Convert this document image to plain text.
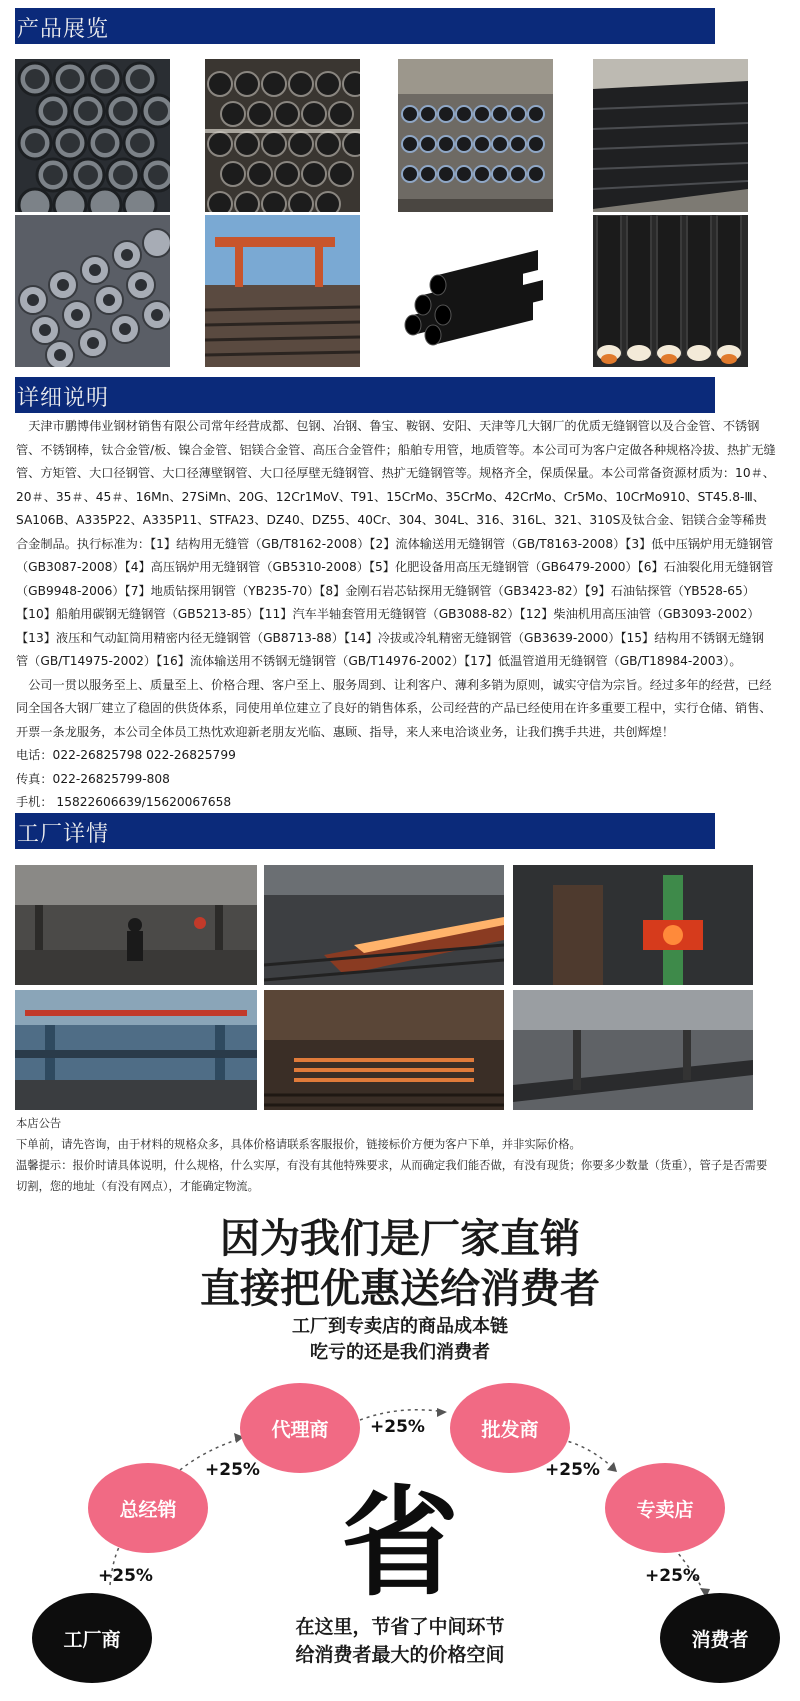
产品展览
详细说明

天津市鹏博伟业钢材销售有限公司常年经营成都、包钢、冶钢、鲁宝、鞍钢、安阳、天津等几大钢厂的优质无缝钢管以及合金管、不锈钢管、不锈钢棒，钛合金管/板、镍合金管、铝镁合金管、高压合金管件；船舶专用管，地质管等。本公司可为客户定做各种规格冷拔、热扩无缝管、方矩管、大口径钢管、大口径薄壁钢管、大口径厚壁无缝钢管、热扩无缝钢管等。规格齐全，保质保量。本公司常备资源材质为：10＃、20＃、35＃、45＃、16Mn、27SiMn、20G、12Cr1MoV、T91、15CrMo、35CrMo、42CrMo、Cr5Mo、10CrMo910、ST45.8-Ⅲ、SA106B、A335P22、A335P11、STFA23、DZ40、DZ55、40Cr、304、304L、316、316L、321、310S及钛合金、铝镁合金等稀贵合金制品。执行标准为：【1】结构用无缝管（GB/T8162-2008）【2】流体输送用无缝钢管（GB/T8163-2008）【3】低中压锅炉用无缝钢管（GB3087-2008）【4】高压锅炉用无缝钢管（GB5310-2008）【5】化肥设备用高压无缝钢管（GB6479-2000）【6】石油裂化用无缝钢管（GB9948-2006）【7】地质钻探用钢管（YB235-70）【8】金刚石岩芯钻探用无缝钢管（GB3423-82）【9】石油钻探管（YB528-65）【10】船舶用碳钢无缝钢管（GB5213-85）【11】汽车半轴套管用无缝钢管（GB3088-82）【12】柴油机用高压油管（GB3093-2002）【13】液压和气动缸筒用精密内径无缝钢管（GB8713-88）【14】冷拔或冷轧精密无缝钢管（GB3639-2000）【15】结构用不锈钢无缝钢管（GB/T14975-2002）【16】流体输送用不锈钢无缝钢管（GB/T14976-2002）【17】低温管道用无缝钢管（GB/T18984-2003）。

公司一贯以服务至上、质量至上、价格合理、客户至上、服务周到、让利客户、薄利多销为原则，诚实守信为宗旨。经过多年的经营，已经同全国各大钢厂建立了稳固的供货体系，同使用单位建立了良好的销售体系，公司经营的产品已经使用在许多重要工程中，实行仓储、销售、开票一条龙服务，本公司全体员工热忱欢迎新老朋友光临、惠顾、指导，来人来电洽谈业务，让我们携手共进，共创辉煌！

电话：022-26825798 022-26825799

传真：022-26825799-808

手机： 15822606639/15620067658

工厂详情

本店公告

下单前，请先咨询，由于材料的规格众多，具体价格请联系客服报价，链接标价方便为客户下单，并非实际价格。

温馨提示：报价时请具体说明，什么规格，什么实厚，有没有其他特殊要求，从而确定我们能否做，有没有现货；你要多少数量（货重），管子是否需要切割，您的地址（有没有网点），才能确定物流。

因为我们是厂家直销
直接把优惠送给消费者
工厂到专卖店的商品成本链
吃亏的还是我们消费者
代理商	批发商
总经销	专卖店
工厂商	消费者
+25%
+25%	+25%
+25%	+25%
省
在这里，节省了中间环节
给消费者最大的价格空间
